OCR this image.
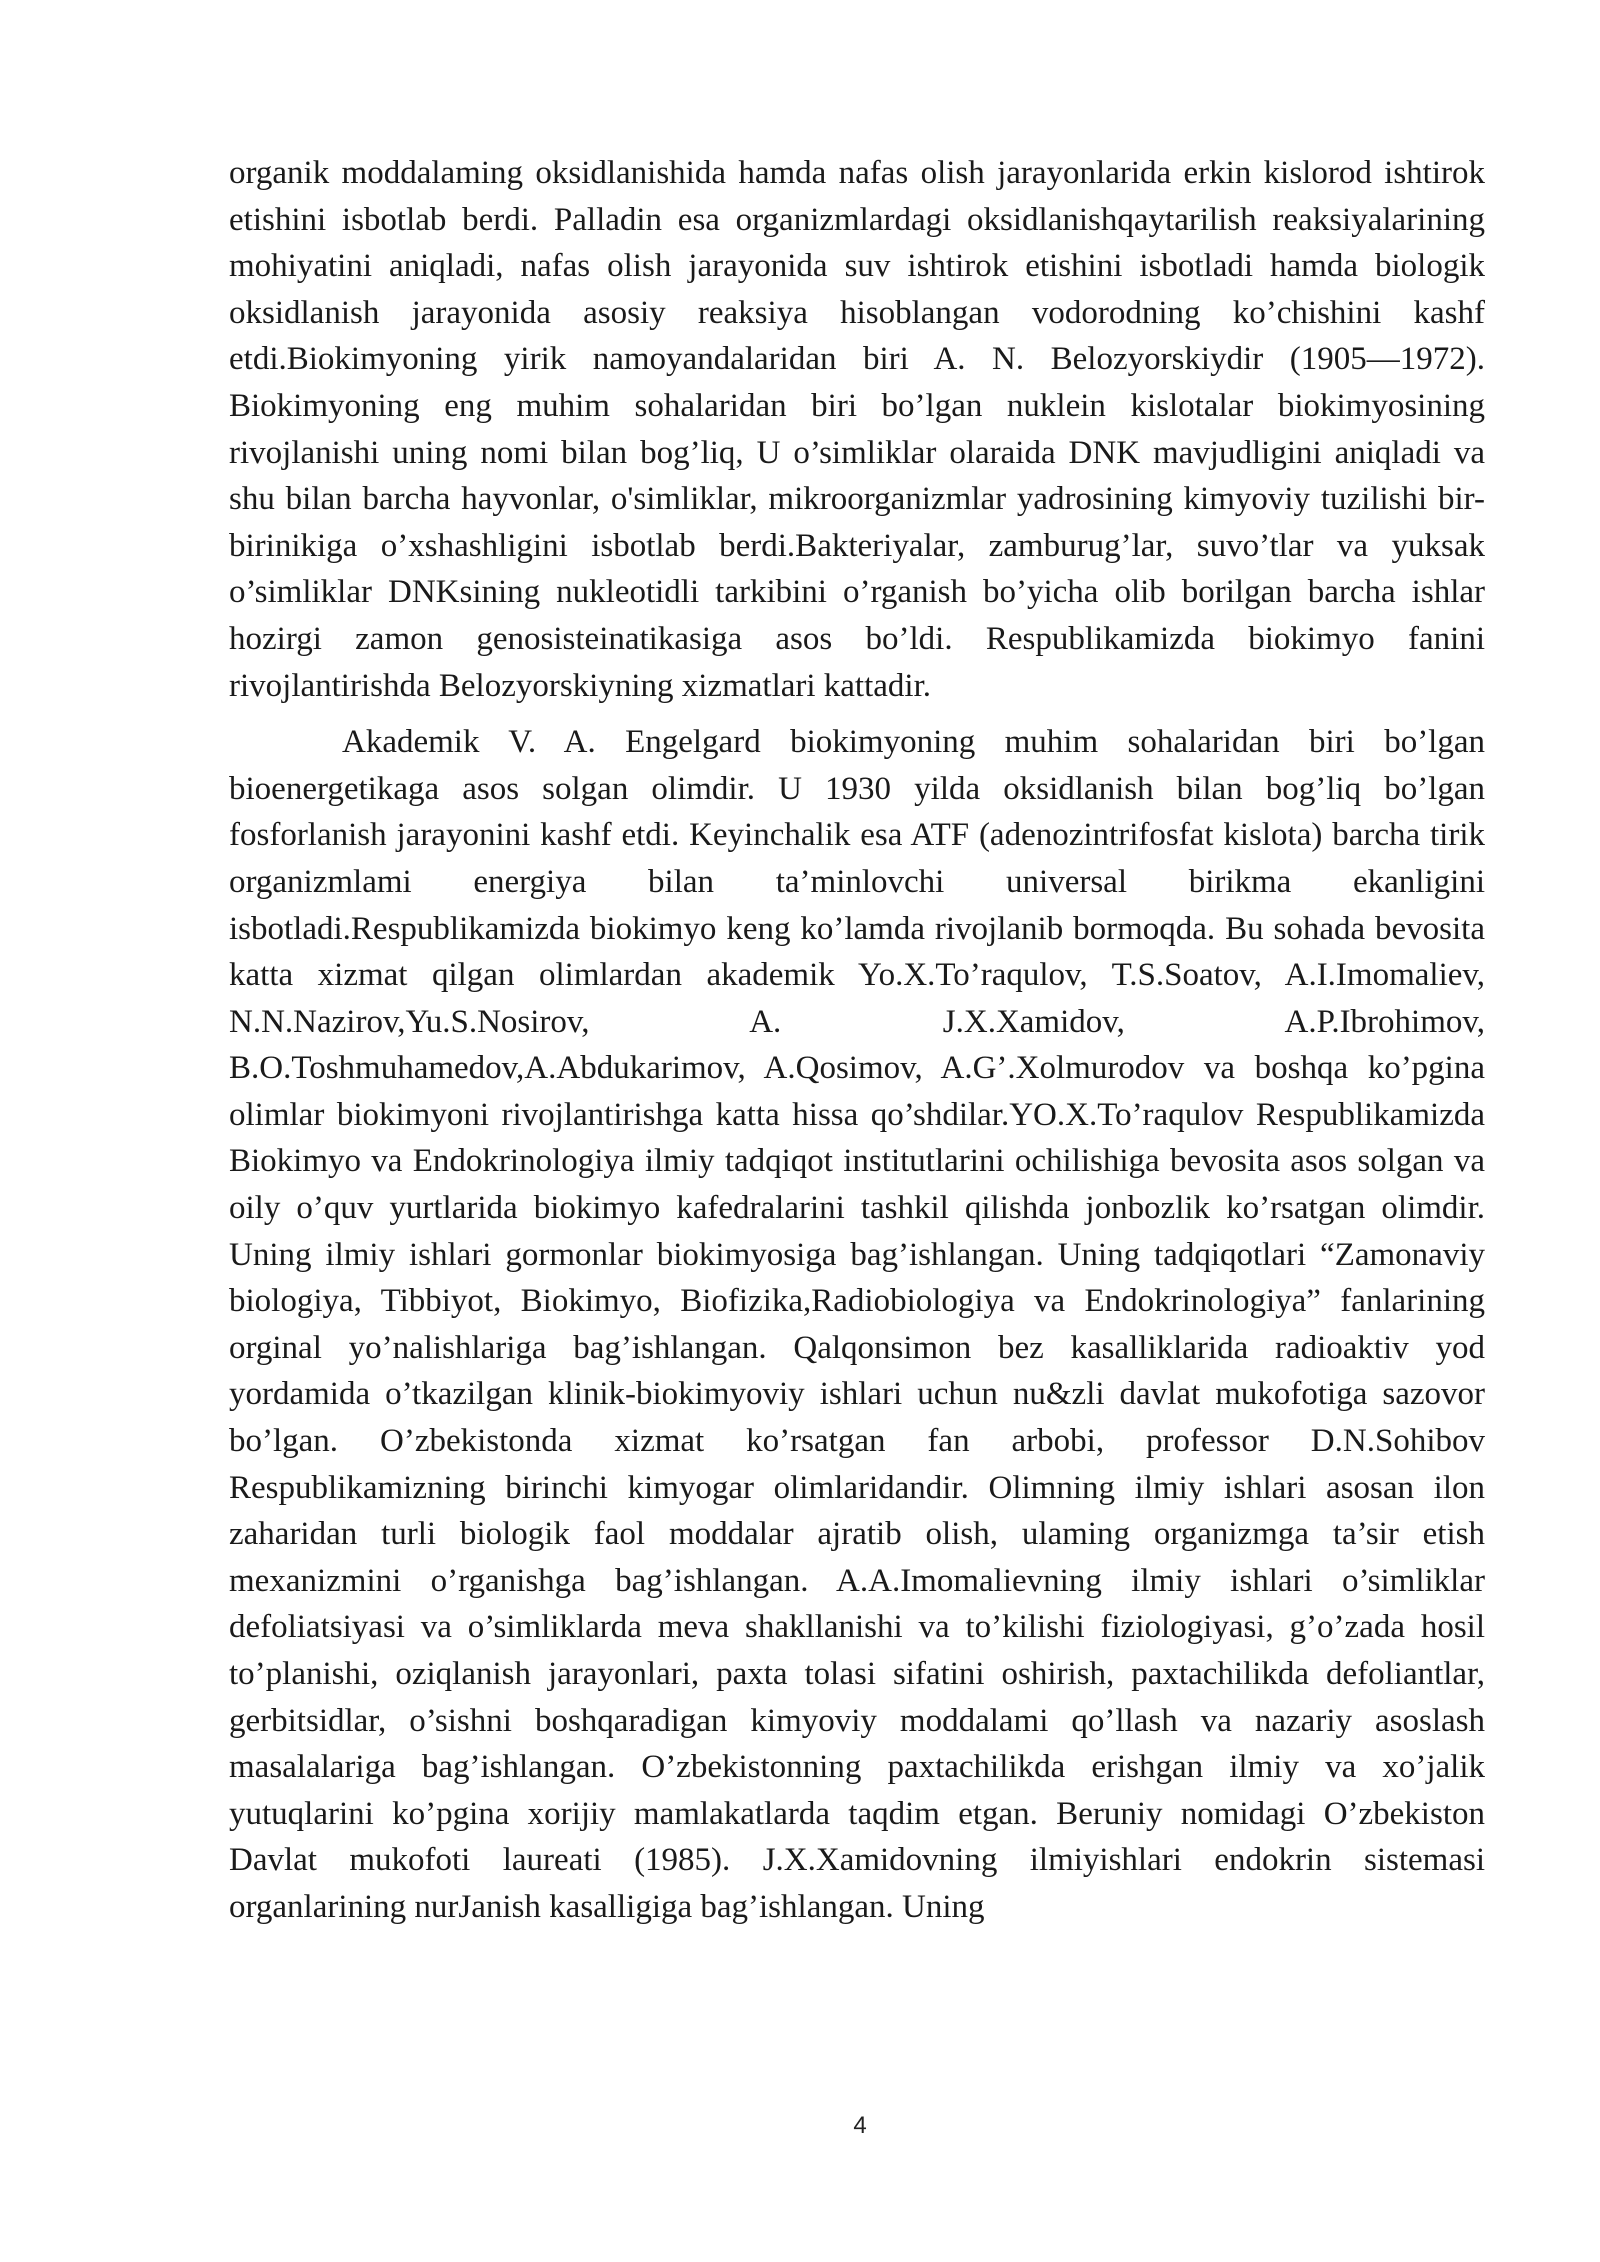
organik moddalaming oksidlanishida hamda nafas olish jarayonlarida erkin kislorod ishtirok etishini isbotlab berdi. Palladin esa organizmlardagi oksidlanishqaytarilish reaksiyalarining mohiyatini aniqladi, nafas olish jarayonida suv ishtirok etishini isbotladi hamda biologik oksidlanish jarayonida asosiy reaksiya hisoblangan vodorodning ko’chishini kashf etdi.Biokimyoning yirik namoyandalaridan biri A. N. Belozyorskiydir (1905—1972). Biokimyoning eng muhim sohalaridan biri bo’lgan nuklein kislotalar biokimyosining rivojlanishi uning nomi bilan bog’liq, U o’simliklar olaraida DNK mavjudligini aniqladi va shu bilan barcha hayvonlar, o'simliklar, mikroorganizmlar yadrosining kimyoviy tuzilishi bir-birinikiga o’xshashligini isbotlab berdi.Bakteriyalar, zamburug’lar, suvo’tlar va yuksak o’simliklar DNKsining nukleotidli tarkibini o’rganish bo’yicha olib borilgan barcha ishlar hozirgi zamon genosisteinatikasiga asos bo’ldi. Respublikamizda biokimyo fanini rivojlantirishda Belozyorskiyning xizmatlari kattadir.

Akademik V. A. Engelgard biokimyoning muhim sohalaridan biri bo’lgan bioenergetikaga asos solgan olimdir. U 1930 yilda oksidlanish bilan bog’liq bo’lgan fosforlanish jarayonini kashf etdi. Keyinchalik esa ATF (adenozintrifosfat kislota) barcha tirik organizmlami energiya bilan ta’minlovchi universal birikma ekanligini isbotladi.Respublikamizda biokimyo keng ko’lamda rivojlanib bormoqda. Bu sohada bevosita katta xizmat qilgan olimlardan akademik Yo.X.To’raqulov, T.S.Soatov, A.I.Imomaliev, N.N.Nazirov,Yu.S.Nosirov, A. J.X.Xamidov, A.P.Ibrohimov, B.O.Toshmuhamedov,A.Abdukarimov, A.Qosimov, A.G’.Xolmurodov va boshqa ko’pgina olimlar biokimyoni rivojlantirishga katta hissa qo’shdilar.YO.X.To’raqulov Respublikamizda Biokimyo va Endokrinologiya ilmiy tadqiqot institutlarini ochilishiga bevosita asos solgan va oily o’quv yurtlarida biokimyo kafedralarini tashkil qilishda jonbozlik ko’rsatgan olimdir. Uning ilmiy ishlari gormonlar biokimyosiga bag’ishlangan. Uning tadqiqotlari “Zamonaviy biologiya, Tibbiyot, Biokimyo, Biofizika,Radiobiologiya va Endokrinologiya” fanlarining orginal yo’nalishlariga bag’ishlangan. Qalqonsimon bez kasalliklarida radioaktiv yod yordamida o’tkazilgan klinik-biokimyoviy ishlari uchun nu&zli davlat mukofotiga sazovor bo’lgan. O’zbekistonda xizmat ko’rsatgan fan arbobi, professor D.N.Sohibov Respublikamizning birinchi kimyogar olimlaridandir. Olimning ilmiy ishlari asosan ilon zaharidan turli biologik faol moddalar ajratib olish, ulaming organizmga ta’sir etish mexanizmini o’rganishga bag’ishlangan. A.A.Imomalievning ilmiy ishlari o’simliklar defoliatsiyasi va o’simliklarda meva shakllanishi va to’kilishi fiziologiyasi, g’o’zada hosil to’planishi, oziqlanish jarayonlari, paxta tolasi sifatini oshirish, paxtachilikda defoliantlar, gerbitsidlar, o’sishni boshqaradigan kimyoviy moddalami qo’llash va nazariy asoslash masalalariga bag’ishlangan. O’zbekistonning paxtachilikda erishgan ilmiy va xo’jalik yutuqlarini ko’pgina xorijiy mamlakatlarda taqdim etgan. Beruniy nomidagi O’zbekiston Davlat mukofoti laureati (1985). J.X.Xamidovning ilmiyishlari endokrin sistemasi organlarining nurJanish kasalligiga bag’ishlangan. Uning

4
